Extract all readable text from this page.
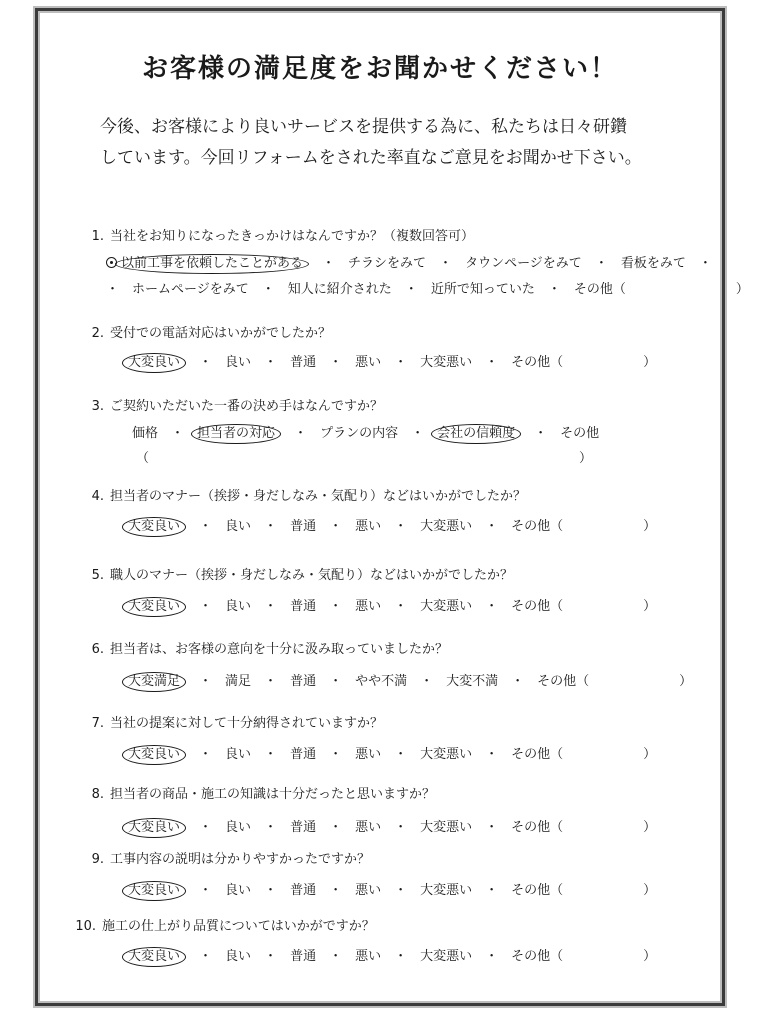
お客様の満足度をお聞かせください！
今後、お客様により良いサービスを提供する為に、私たちは日々研鑽
しています。今回リフォームをされた率直なご意見をお聞かせ下さい。
1. 当社をお知りになったきっかけはなんですか？（複数回答可）
以前工事を依頼したことがある ・ チラシをみて ・ タウンページをみて ・ 看板をみて ・
・ ホームページをみて ・ 知人に紹介された ・ 近所で知っていた ・ その他（	）
2. 受付での電話対応はいかがでしたか？
大変良い ・ 良い ・ 普通 ・ 悪い ・ 大変悪い ・ その他（	）
3. ご契約いただいた一番の決め手はなんですか？
価格 ・ 担当者の対応 ・ プランの内容 ・ 会社の信頼度 ・ その他
（	）
4. 担当者のマナー（挨拶・身だしなみ・気配り）などはいかがでしたか？
大変良い ・ 良い ・ 普通 ・ 悪い ・ 大変悪い ・ その他（	）
5. 職人のマナー（挨拶・身だしなみ・気配り）などはいかがでしたか？
大変良い ・ 良い ・ 普通 ・ 悪い ・ 大変悪い ・ その他（	）
6. 担当者は、お客様の意向を十分に汲み取っていましたか？
大変満足 ・ 満足 ・ 普通 ・ やや不満 ・ 大変不満 ・ その他（	）
7. 当社の提案に対して十分納得されていますか？
大変良い ・ 良い ・ 普通 ・ 悪い ・ 大変悪い ・ その他（	）
8. 担当者の商品・施工の知識は十分だったと思いますか？
大変良い ・ 良い ・ 普通 ・ 悪い ・ 大変悪い ・ その他（	）
9. 工事内容の説明は分かりやすかったですか？
大変良い ・ 良い ・ 普通 ・ 悪い ・ 大変悪い ・ その他（	）
10. 施工の仕上がり品質についてはいかがですか？
大変良い ・ 良い ・ 普通 ・ 悪い ・ 大変悪い ・ その他（	）
